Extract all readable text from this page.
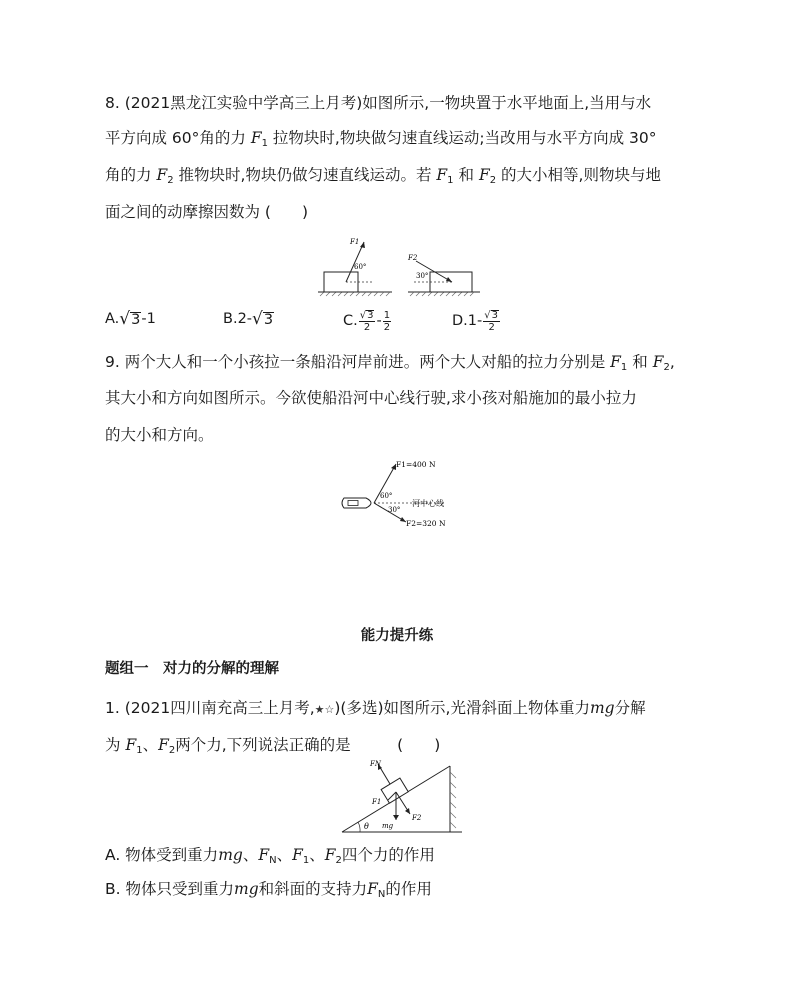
8. (2021黑龙江实验中学高三上月考)如图所示,一物块置于水平地面上,当用与水
平方向成 60°角的力 $F_1$ 拉物块时,物块做匀速直线运动;当改用与水平方向成 30°
角的力 $F_2$ 推物块时,物块仍做匀速直线运动。若 $F_1$ 和 $F_2$ 的大小相等,则物块与地
面之间的动摩擦因数为 (　　)
F1
60°
F2
30°
A. √ 3 -1	B. 2- √ 3	C. $\frac{√ 3}{2} - \frac{1}{2}$	D. $1- \frac{√ 3}{2}$
9. 两个大人和一个小孩拉一条船沿河岸前进。两个大人对船的拉力分别是 $F_1$ 和 $F_2$,
其大小和方向如图所示。今欲使船沿河中心线行驶,求小孩对船施加的最小拉力
的大小和方向。
F1=400 N
F2=320 N
60°
30°
河中心线
能力提升练
题组一　对力的分解的理解
1. (2021四川南充高三上月考,★☆)(多选)如图所示,光滑斜面上物体重力mg分解
为 $F_1$、$F_2$两个力,下列说法正确的是　　　(　　)
θ
FN
F1
F2
mg
A. 物体受到重力mg、$F_N$、$F_1$、$F_2$四个力的作用
B. 物体只受到重力mg和斜面的支持力$F_N$的作用
